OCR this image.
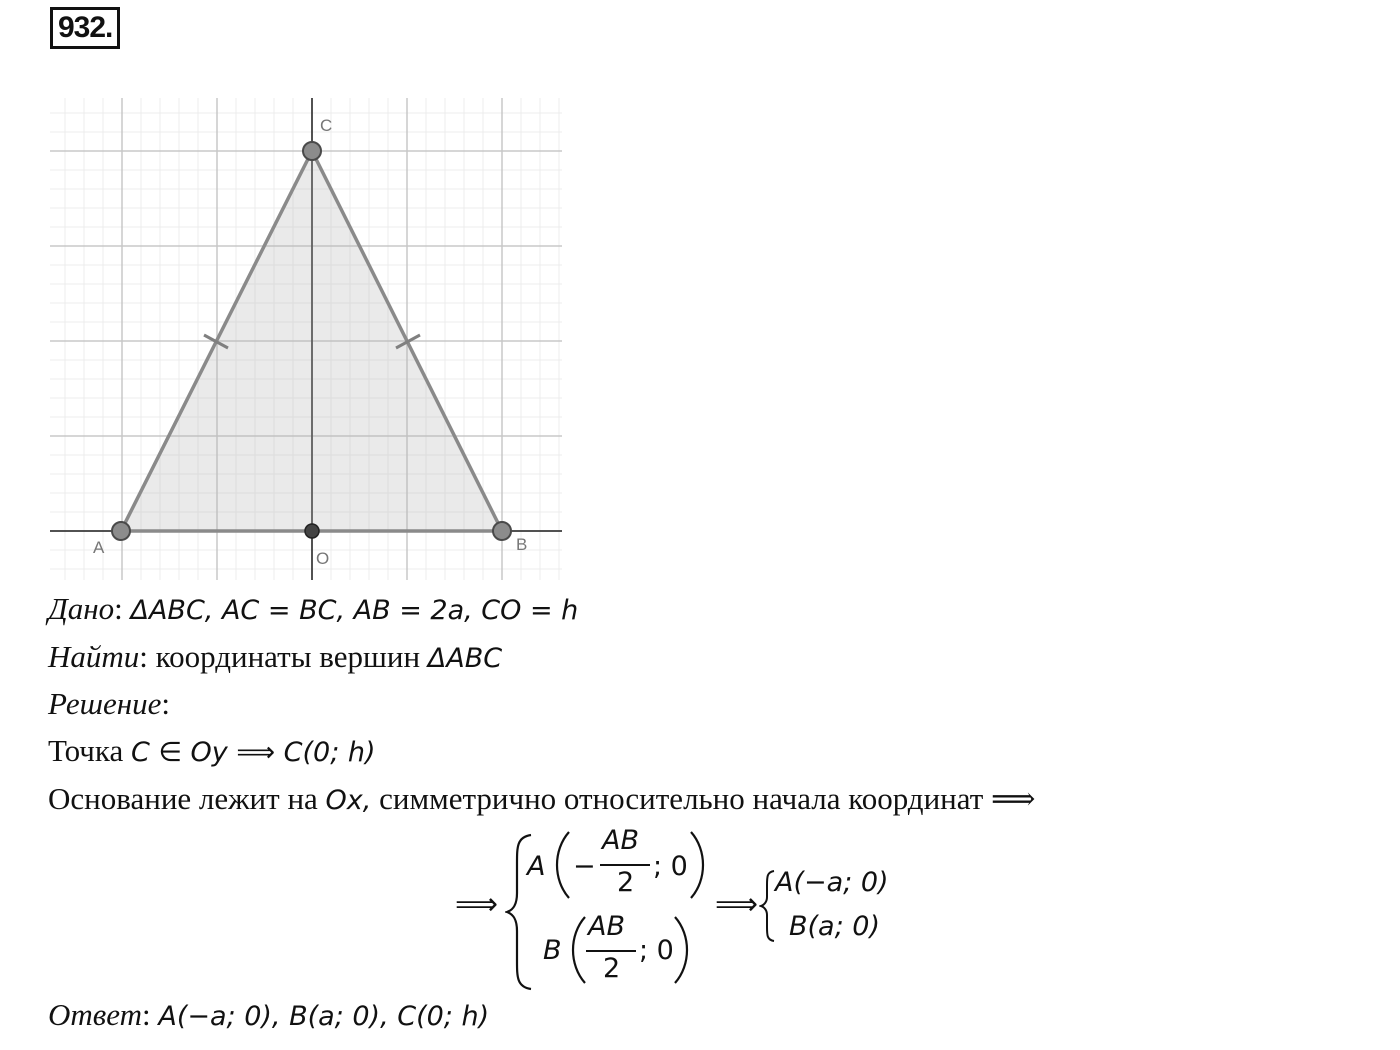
932.
A	B
C
O
Дано: ΔABC, AC = BC, AB = 2a, CO = h
Найти: координаты вершин ΔABC
Решение:
Точка C ∈ Oy ⟹ C(0; h)
Основание лежит на Ox, симметрично относительно начала координат ⟹
⟹
A −
AB
2
; 0
B
AB
2
; 0
⟹
A(−a; 0)
B(a; 0)
Ответ: A(−a; 0), B(a; 0), C(0; h)
